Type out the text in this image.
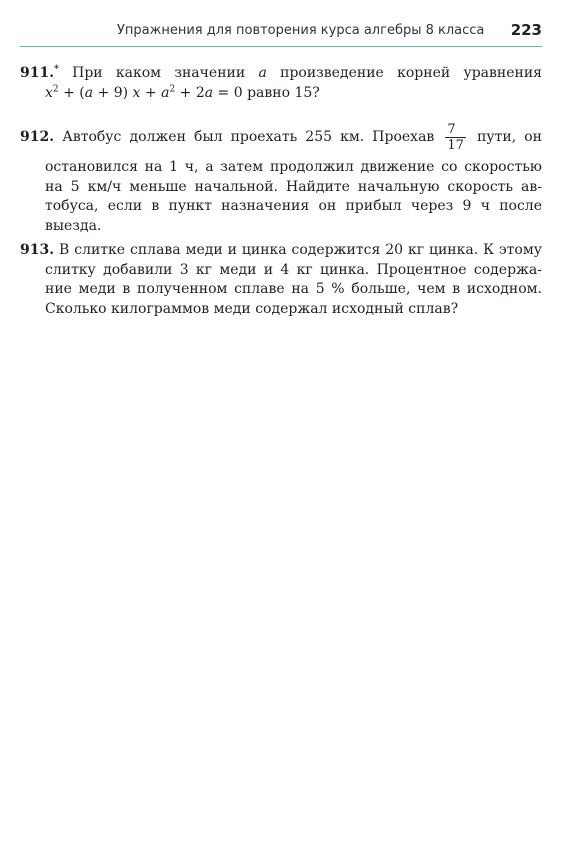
Упражнения для повторения курса алгебры 8 класса 223
911.* При каком значении a произведение корней уравнения
$x^2 + (a + 9) x + a^2 + 2a = 0$ равно 15?
912. Автобус должен был проехать 255 км. Проехав $\frac{7}{17}$ пути, он
остановился на 1 ч, а затем продолжил движение со скоростью
на 5 км/ч меньше начальной. Найдите начальную скорость ав-
тобуса, если в пункт назначения он прибыл через 9 ч после
выезда.
913. В слитке сплава меди и цинка содержится 20 кг цинка. К этому
слитку добавили 3 кг меди и 4 кг цинка. Процентное содержа-
ние меди в полученном сплаве на 5 % больше, чем в исходном.
Сколько килограммов меди содержал исходный сплав?
